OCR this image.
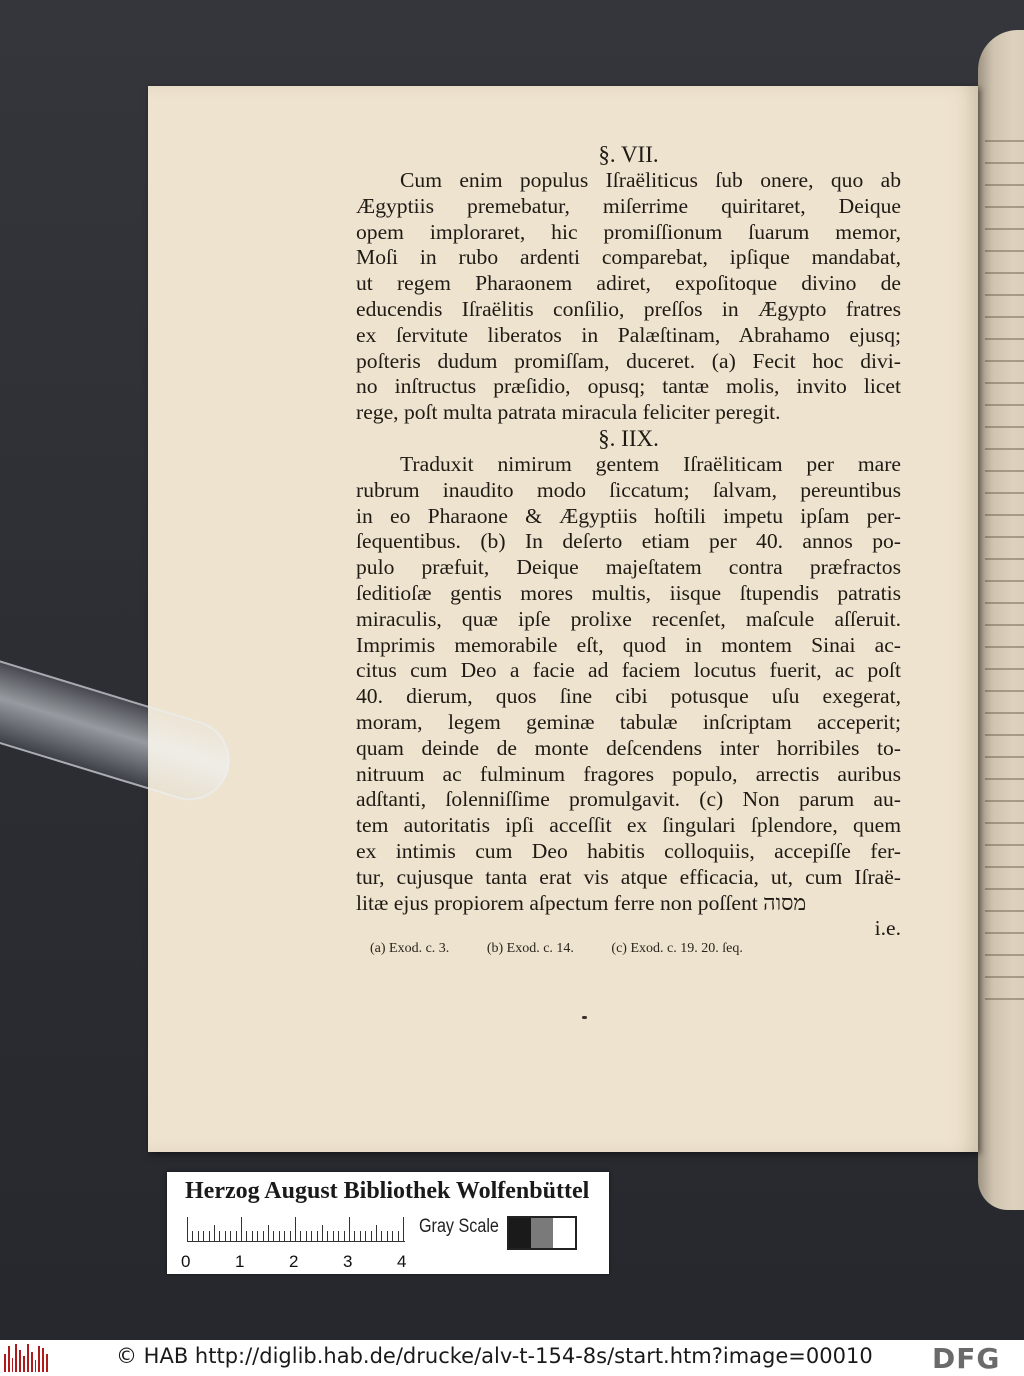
§. VII.
Cum enim populus Iſraëliticus ſub onere, quo ab
Ægyptiis premebatur, miſerrime quiritaret, Deique
opem imploraret, hic promiſſionum ſuarum memor,
Moſi in rubo ardenti comparebat, ipſique mandabat,
ut regem Pharaonem adiret, expoſitoque divino de
educendis Iſraëlitis conſilio, preſſos in Ægypto fratres
ex ſervitute liberatos in Palæſtinam, Abrahamo ejusq;
poſteris dudum promiſſam, duceret. (a) Fecit hoc divi-
no inſtructus præſidio, opusq; tantæ molis, invito licet
rege, poſt multa patrata miracula feliciter peregit.
§. IIX.
Traduxit nimirum gentem Iſraëliticam per mare
rubrum inaudito modo ſiccatum; ſalvam, pereuntibus
in eo Pharaone & Ægyptiis hoſtili impetu ipſam per-
ſequentibus. (b) In deſerto etiam per 40. annos po-
pulo præfuit, Deique majeſtatem contra præfractos
ſeditioſæ gentis mores multis, iisque ſtupendis patratis
miraculis, quæ ipſe prolixe recenſet, maſcule aſſeruit.
Imprimis memorabile eſt, quod in montem Sinai ac-
citus cum Deo a facie ad faciem locutus fuerit, ac poſt
40. dierum, quos ſine cibi potusque uſu exegerat,
moram, legem geminæ tabulæ inſcriptam acceperit;
quam deinde de monte deſcendens inter horribiles to-
nitruum ac fulminum fragores populo, arrectis auribus
adſtanti, ſolenniſſime promulgavit. (c) Non parum au-
tem autoritatis ipſi acceſſit ex ſingulari ſplendore, quem
ex intimis cum Deo habitis colloquiis, accepiſſe fer-
tur, cujusque tanta erat vis atque efficacia, ut, cum Iſraë-
litæ ejus propiorem aſpectum ferre non poſſent מסוה
i.e.
(a) Exod. c. 3.	(b) Exod. c. 14.	(c) Exod. c. 19. 20. ſeq.
Herzog August Bibliothek Wolfenbüttel
0	1	2	3	4
Gray Scale
© HAB http://diglib.hab.de/drucke/alv-t-154-8s/start.htm?image=00010 DFG
